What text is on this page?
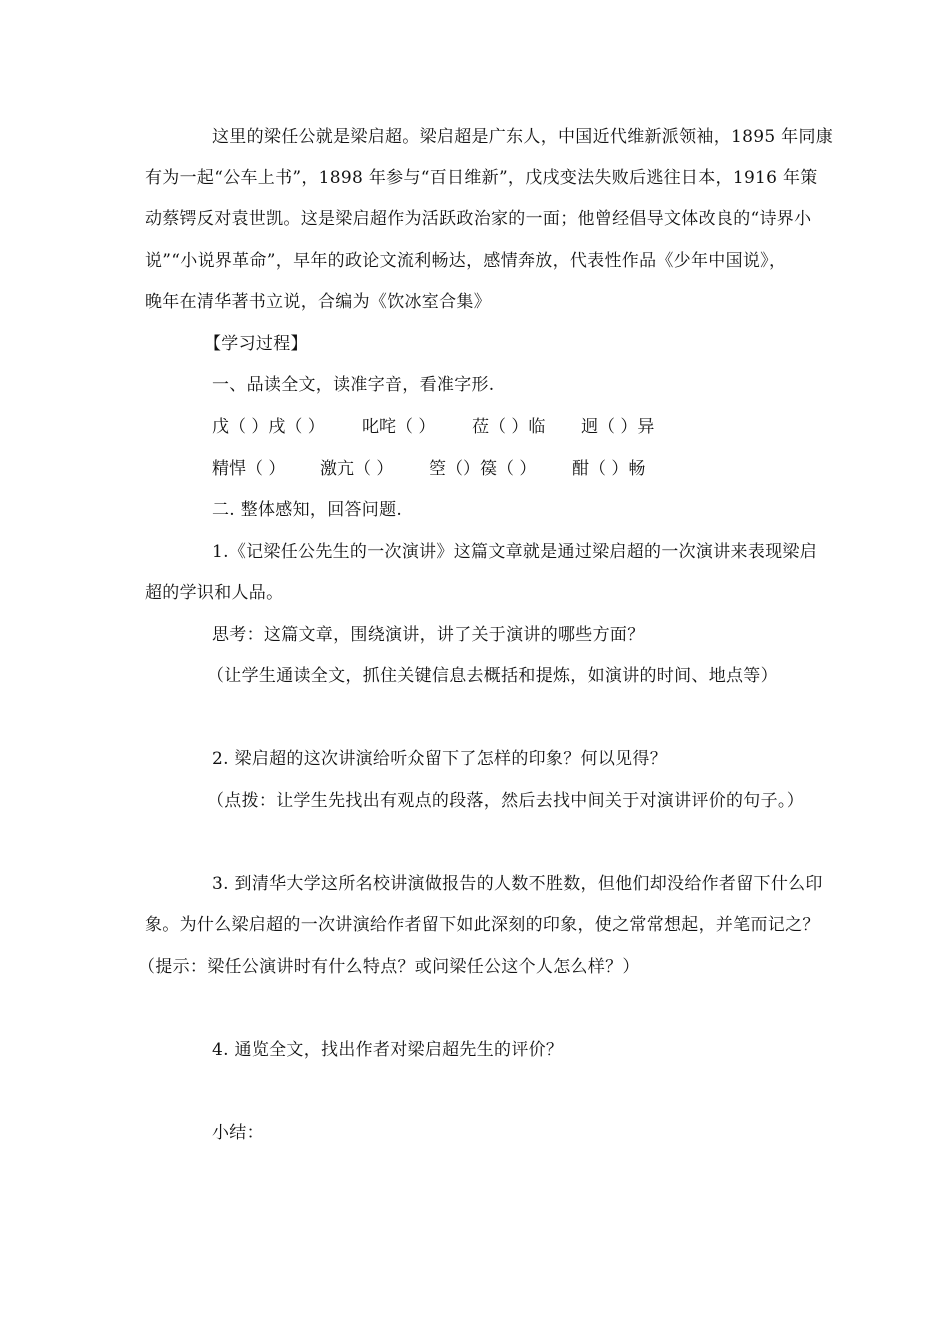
这里的梁任公就是梁启超。梁启超是广东人，中国近代维新派领袖，1895 年同康
有为一起“公车上书”，1898 年参与“百日维新”，戊戌变法失败后逃往日本，1916 年策
动蔡锷反对袁世凯。这是梁启超作为活跃政治家的一面；他曾经倡导文体改良的“诗界小
说”“小说界革命”，早年的政论文流利畅达，感情奔放，代表性作品《少年中国说》，
晚年在清华著书立说，合编为《饮冰室合集》
【学习过程】
一、品读全文，读准字音，看准字形.
戊（ ）戌（ ） 叱咤（ ） 莅（ ）临 迥（ ）异
精悍（ ） 激亢（ ） 箜（）篌（ ） 酣（ ）畅
二. 整体感知，回答问题.
1.《记梁任公先生的一次演讲》这篇文章就是通过梁启超的一次演讲来表现梁启
超的学识和人品。
思考：这篇文章，围绕演讲，讲了关于演讲的哪些方面？
（让学生通读全文，抓住关键信息去概括和提炼，如演讲的时间、地点等）
2. 梁启超的这次讲演给听众留下了怎样的印象？何以见得？
（点拨：让学生先找出有观点的段落，然后去找中间关于对演讲评价的句子。）
3. 到清华大学这所名校讲演做报告的人数不胜数，但他们却没给作者留下什么印
象。为什么梁启超的一次讲演给作者留下如此深刻的印象，使之常常想起，并笔而记之？
（提示：梁任公演讲时有什么特点？或问梁任公这个人怎么样？）
4. 通览全文，找出作者对梁启超先生的评价？
小结：
